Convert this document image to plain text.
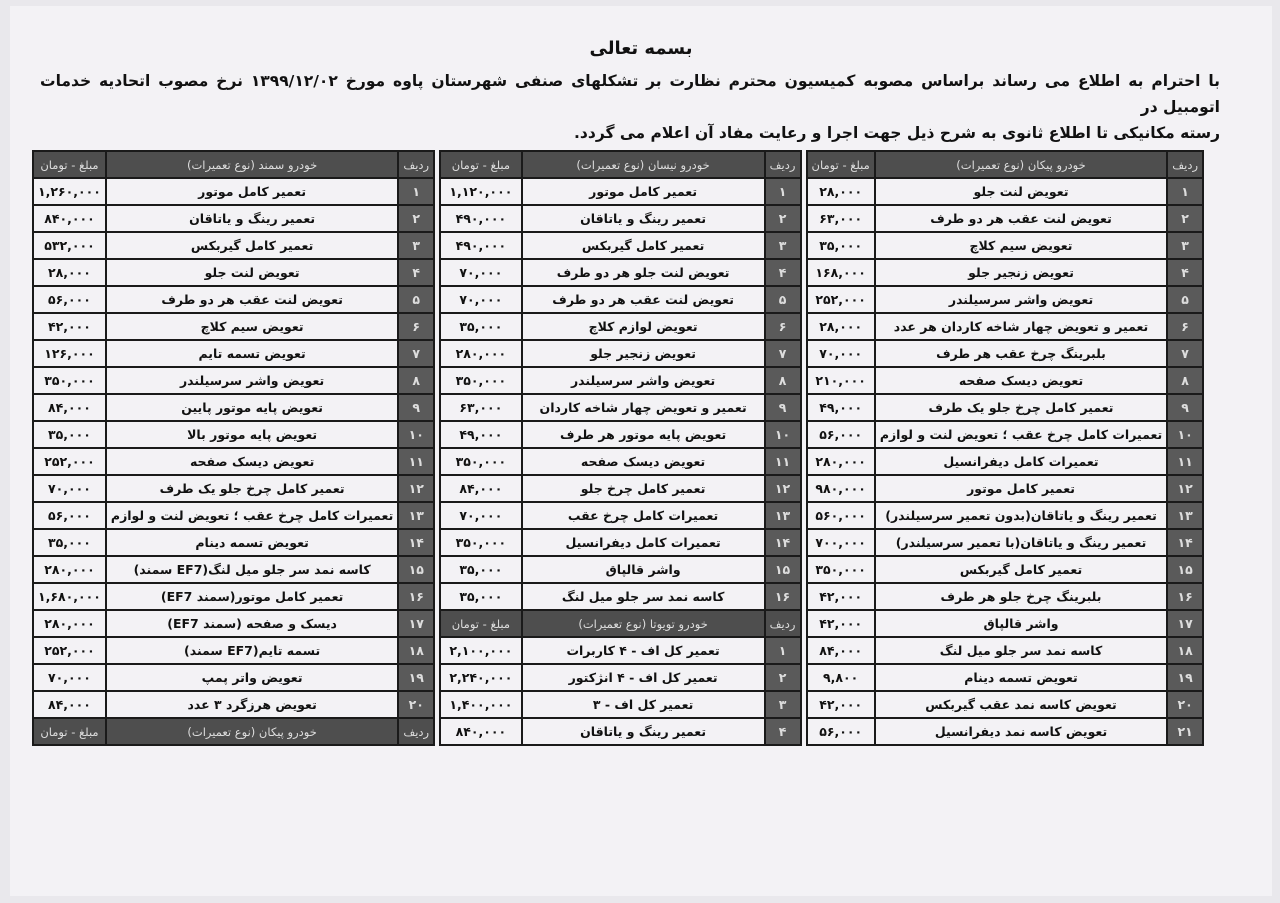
بسمه تعالی

با احترام به اطلاع می رساند براساس مصوبه کمیسیون محترم نظارت بر تشکلهای صنفی شهرستان پاوه مورخ ۱۳۹۹/۱۲/۰۲ نرخ مصوب اتحادیه خدمات اتومبیل در

رسته مکانیکی تا اطلاع ثانوی به شرح ذیل جهت اجرا و رعایت مفاد آن اعلام می گردد.

ردیف	خودرو پیکان (نوع تعمیرات)	مبلغ - تومان
۱	تعویض لنت جلو	۲۸,۰۰۰
۲	تعویض لنت عقب هر دو طرف	۶۳,۰۰۰
۳	تعویض سیم کلاچ	۳۵,۰۰۰
۴	تعویض زنجیر جلو	۱۶۸,۰۰۰
۵	تعویض واشر سرسیلندر	۲۵۲,۰۰۰
۶	تعمیر و تعویض چهار شاخه کاردان هر عدد	۲۸,۰۰۰
۷	بلبرینگ چرخ عقب هر طرف	۷۰,۰۰۰
۸	تعویض دیسک صفحه	۲۱۰,۰۰۰
۹	تعمیر کامل چرخ جلو یک طرف	۴۹,۰۰۰
۱۰	تعمیرات کامل چرخ عقب ؛ تعویض لنت و لوازم	۵۶,۰۰۰
۱۱	تعمیرات کامل دیفرانسیل	۲۸۰,۰۰۰
۱۲	تعمیر کامل موتور	۹۸۰,۰۰۰
۱۳	تعمیر رینگ و یاتاقان(بدون تعمیر سرسیلندر)	۵۶۰,۰۰۰
۱۴	تعمیر رینگ و یاتاقان(با تعمیر سرسیلندر)	۷۰۰,۰۰۰
۱۵	تعمیر کامل گیربکس	۳۵۰,۰۰۰
۱۶	بلبرینگ چرخ جلو هر طرف	۴۲,۰۰۰
۱۷	واشر قالپاق	۴۲,۰۰۰
۱۸	کاسه نمد سر جلو میل لنگ	۸۴,۰۰۰
۱۹	تعویض تسمه دینام	۹,۸۰۰
۲۰	تعویض کاسه نمد عقب گیربکس	۴۲,۰۰۰
۲۱	تعویض کاسه نمد دیفرانسیل	۵۶,۰۰۰
ردیف	خودرو نیسان (نوع تعمیرات)	مبلغ - تومان
۱	تعمیر کامل موتور	۱,۱۲۰,۰۰۰
۲	تعمیر رینگ و یاتاقان	۴۹۰,۰۰۰
۳	تعمیر کامل گیربکس	۴۹۰,۰۰۰
۴	تعویض لنت جلو هر دو طرف	۷۰,۰۰۰
۵	تعویض لنت عقب هر دو طرف	۷۰,۰۰۰
۶	تعویض لوازم کلاچ	۳۵,۰۰۰
۷	تعویض زنجیر جلو	۲۸۰,۰۰۰
۸	تعویض واشر سرسیلندر	۳۵۰,۰۰۰
۹	تعمیر و تعویض چهار شاخه کاردان	۶۳,۰۰۰
۱۰	تعویض پایه موتور هر طرف	۴۹,۰۰۰
۱۱	تعویض دیسک صفحه	۳۵۰,۰۰۰
۱۲	تعمیر کامل چرخ جلو	۸۴,۰۰۰
۱۳	تعمیرات کامل چرخ عقب	۷۰,۰۰۰
۱۴	تعمیرات کامل دیفرانسیل	۳۵۰,۰۰۰
۱۵	واشر قالپاق	۳۵,۰۰۰
۱۶	کاسه نمد سر جلو میل لنگ	۳۵,۰۰۰
ردیف	خودرو تویوتا (نوع تعمیرات)	مبلغ - تومان
۱	تعمیر کل اف - ۴ کاربرات	۲,۱۰۰,۰۰۰
۲	تعمیر کل اف - ۴ انژکتور	۲,۲۴۰,۰۰۰
۳	تعمیر کل اف - ۳	۱,۴۰۰,۰۰۰
۴	تعمیر رینگ و یاتاقان	۸۴۰,۰۰۰
ردیف	خودرو سمند (نوع تعمیرات)	مبلغ - تومان
۱	تعمیر کامل موتور	۱,۲۶۰,۰۰۰
۲	تعمیر رینگ و یاتاقان	۸۴۰,۰۰۰
۳	تعمیر کامل گیربکس	۵۳۲,۰۰۰
۴	تعویض لنت جلو	۲۸,۰۰۰
۵	تعویض لنت عقب هر دو طرف	۵۶,۰۰۰
۶	تعویض سیم کلاچ	۴۲,۰۰۰
۷	تعویض تسمه تایم	۱۲۶,۰۰۰
۸	تعویض واشر سرسیلندر	۳۵۰,۰۰۰
۹	تعویض پایه موتور پایین	۸۴,۰۰۰
۱۰	تعویض پایه موتور بالا	۳۵,۰۰۰
۱۱	تعویض دیسک صفحه	۲۵۲,۰۰۰
۱۲	تعمیر کامل چرخ جلو یک طرف	۷۰,۰۰۰
۱۳	تعمیرات کامل چرخ عقب ؛ تعویض لنت و لوازم	۵۶,۰۰۰
۱۴	تعویض تسمه دینام	۳۵,۰۰۰
۱۵	کاسه نمد سر جلو میل لنگ(EF7 سمند)	۲۸۰,۰۰۰
۱۶	تعمیر کامل موتور(سمند EF7)	۱,۶۸۰,۰۰۰
۱۷	دیسک و صفحه (سمند EF7)	۲۸۰,۰۰۰
۱۸	تسمه تایم(EF7 سمند)	۲۵۲,۰۰۰
۱۹	تعویض واتر پمپ	۷۰,۰۰۰
۲۰	تعویض هرزگرد ۳ عدد	۸۴,۰۰۰
ردیف	خودرو پیکان (نوع تعمیرات)	مبلغ - تومان
